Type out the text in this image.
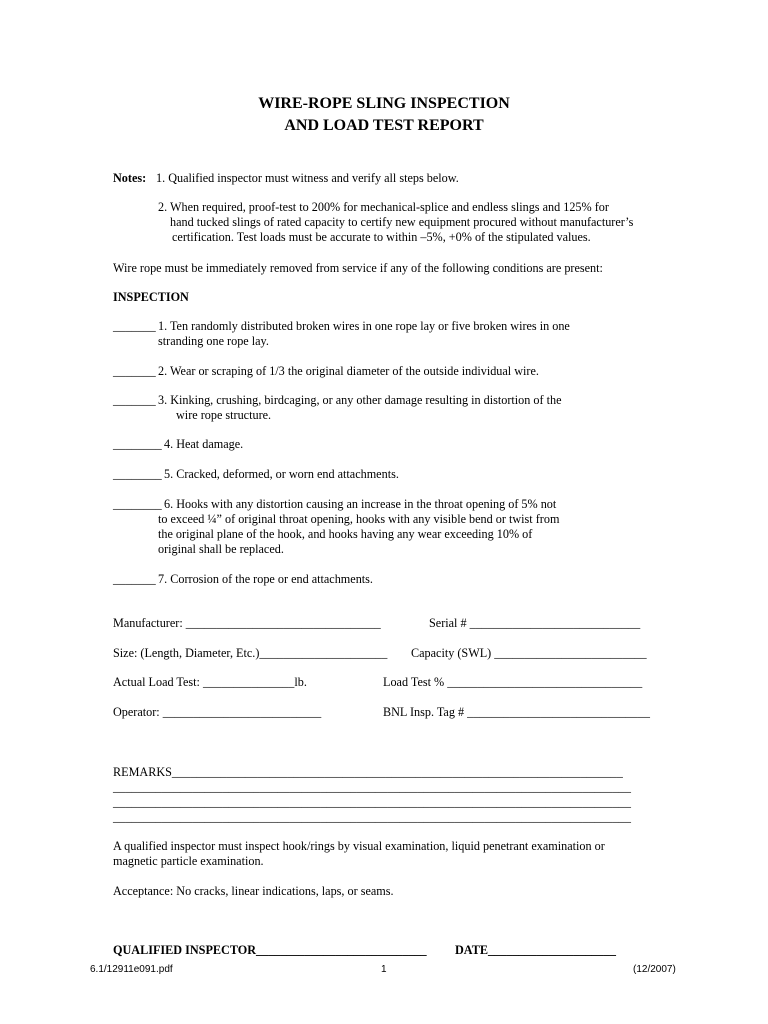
WIRE-ROPE SLING INSPECTION
AND LOAD TEST REPORT
Notes: 1. Qualified inspector must witness and verify all steps below.
2. When required, proof-test to 200% for mechanical-splice and endless slings and 125% for
hand tucked slings of rated capacity to certify new equipment procured without manufacturer’s
certification. Test loads must be accurate to within –5%, +0% of the stipulated values.
Wire rope must be immediately removed from service if any of the following conditions are present:
INSPECTION
_______ 1. Ten randomly distributed broken wires in one rope lay or five broken wires in one
stranding one rope lay.
_______ 2. Wear or scraping of 1/3 the original diameter of the outside individual wire.
_______ 3. Kinking, crushing, birdcaging, or any other damage resulting in distortion of the
wire rope structure.
________ 4. Heat damage.
________ 5. Cracked, deformed, or worn end attachments.
________ 6. Hooks with any distortion causing an increase in the throat opening of 5% not
to exceed ¼” of original throat opening, hooks with any visible bend or twist from
the original plane of the hook, and hooks having any wear exceeding 10% of
original shall be replaced.
_______ 7. Corrosion of the rope or end attachments.
Manufacturer: ________________________________	Serial # ____________________________
Size: (Length, Diameter, Etc.)_____________________ Capacity (SWL) _________________________
Actual Load Test: _______________lb.	Load Test % ________________________________
Operator: __________________________	BNL Insp. Tag # ______________________________
REMARKS__________________________________________________________________________
_____________________________________________________________________________________
_____________________________________________________________________________________
_____________________________________________________________________________________
A qualified inspector must inspect hook/rings by visual examination, liquid penetrant examination or
magnetic particle examination.
Acceptance: No cracks, linear indications, laps, or seams.
QUALIFIED INSPECTOR____________________________ DATE_____________________
6.1/12911e091.pdf	1	(12/2007)
